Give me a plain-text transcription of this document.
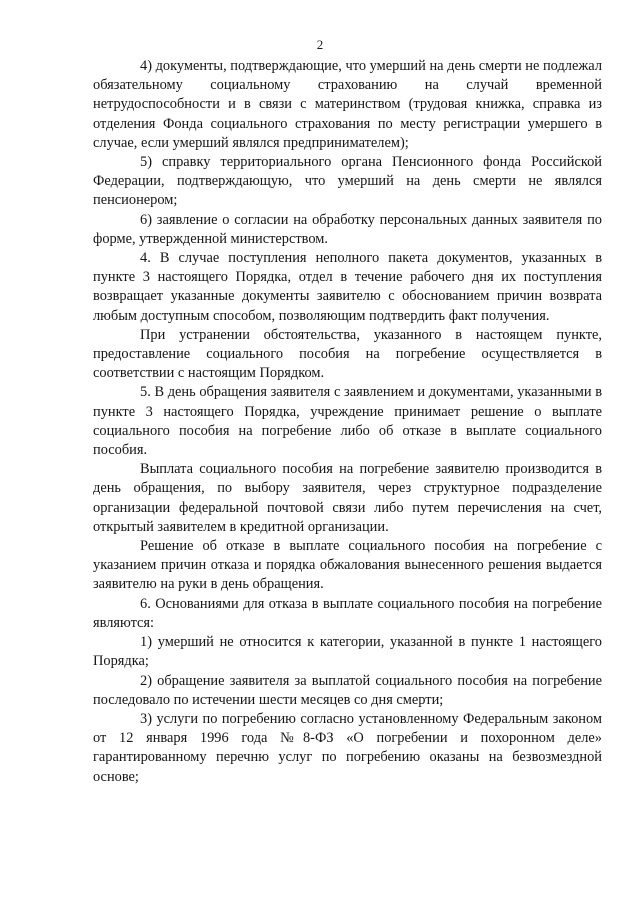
2

4) документы, подтверждающие, что умерший на день смерти не подлежал обязательному социальному страхованию на случай временной нетрудоспособности и в связи с материнством (трудовая книжка, справка из отделения Фонда социального страхования по месту регистрации умершего в случае, если умерший являлся предпринимателем);

5) справку территориального органа Пенсионного фонда Российской Федерации, подтверждающую, что умерший на день смерти не являлся пенсионером;

6) заявление о согласии на обработку персональных данных заявителя по форме, утвержденной министерством.

4. В случае поступления неполного пакета документов, указанных в пункте 3 настоящего Порядка, отдел в течение рабочего дня их поступления возвращает указанные документы заявителю с обоснованием причин возврата любым доступным способом, позволяющим подтвердить факт получения.

При устранении обстоятельства, указанного в настоящем пункте, предоставление социального пособия на погребение осуществляется в соответствии с настоящим Порядком.

5. В день обращения заявителя с заявлением и документами, указанными в пункте 3 настоящего Порядка, учреждение принимает решение о выплате социального пособия на погребение либо об отказе в выплате социального пособия.

Выплата социального пособия на погребение заявителю производится в день обращения, по выбору заявителя, через структурное подразделение организации федеральной почтовой связи либо путем перечисления на счет, открытый заявителем в кредитной организации.

Решение об отказе в выплате социального пособия на погребение с указанием причин отказа и порядка обжалования вынесенного решения выдается заявителю на руки в день обращения.

6. Основаниями для отказа в выплате социального пособия на погребение являются:

1) умерший не относится к категории, указанной в пункте 1 настоящего Порядка;

2) обращение заявителя за выплатой социального пособия на погребение последовало по истечении шести месяцев со дня смерти;

3) услуги по погребению согласно установленному Федеральным законом от 12 января 1996 года №8-ФЗ «О погребении и похоронном деле» гарантированному перечню услуг по погребению оказаны на безвозмездной основе;
